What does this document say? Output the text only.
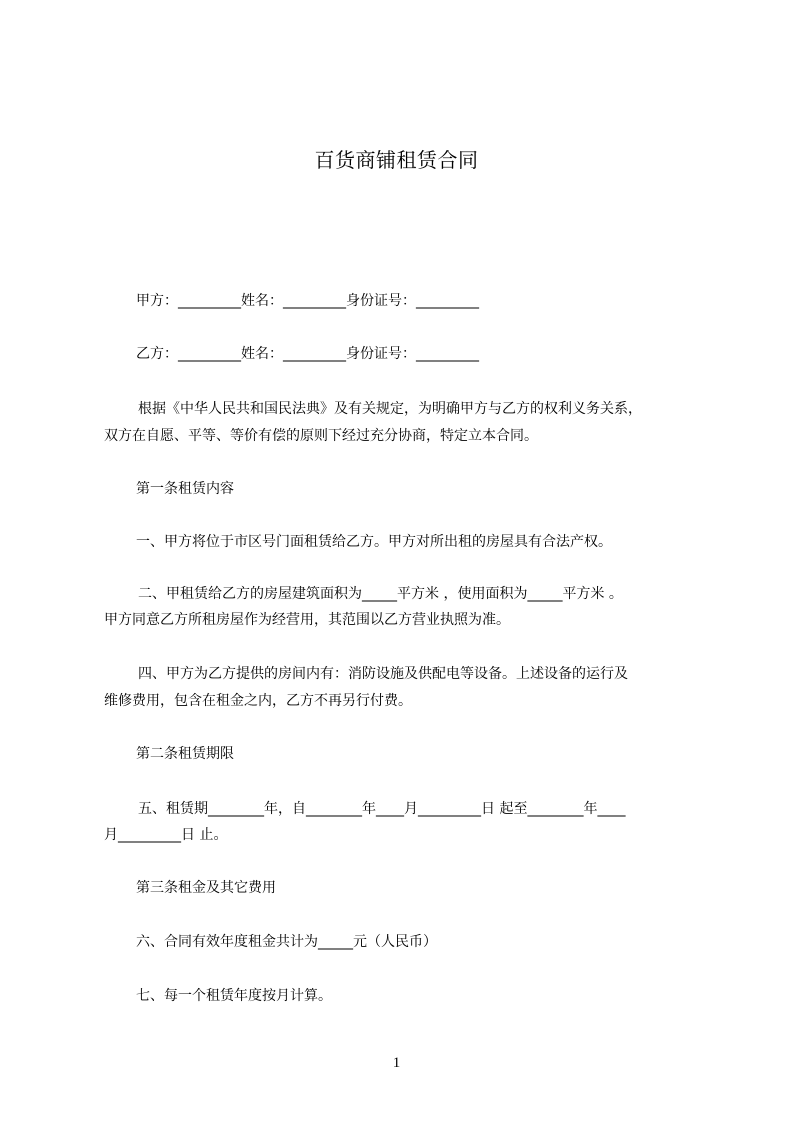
百货商铺租赁合同
甲方：_________姓名：_________身份证号：_________
乙方：_________姓名：_________身份证号：_________
根据《中华人民共和国民法典》及有关规定，为明确甲方与乙方的权利义务关系，
双方在自愿、平等、等价有偿的原则下经过充分协商，特定立本合同。
第一条租赁内容
一、甲方将位于市区号门面租赁给乙方。甲方对所出租的房屋具有合法产权。
二、甲租赁给乙方的房屋建筑面积为_____平方米 ，使用面积为_____平方米 。
甲方同意乙方所租房屋作为经营用，其范围以乙方营业执照为准。
四、甲方为乙方提供的房间内有：消防设施及供配电等设备。上述设备的运行及
维修费用，包含在租金之内，乙方不再另行付费。
第二条租赁期限
五、租赁期________年，自________年____月_________日 起至________年____
月_________日 止。
第三条租金及其它费用
六、合同有效年度租金共计为_____元（人民币）
七、每一个租赁年度按月计算。
1
